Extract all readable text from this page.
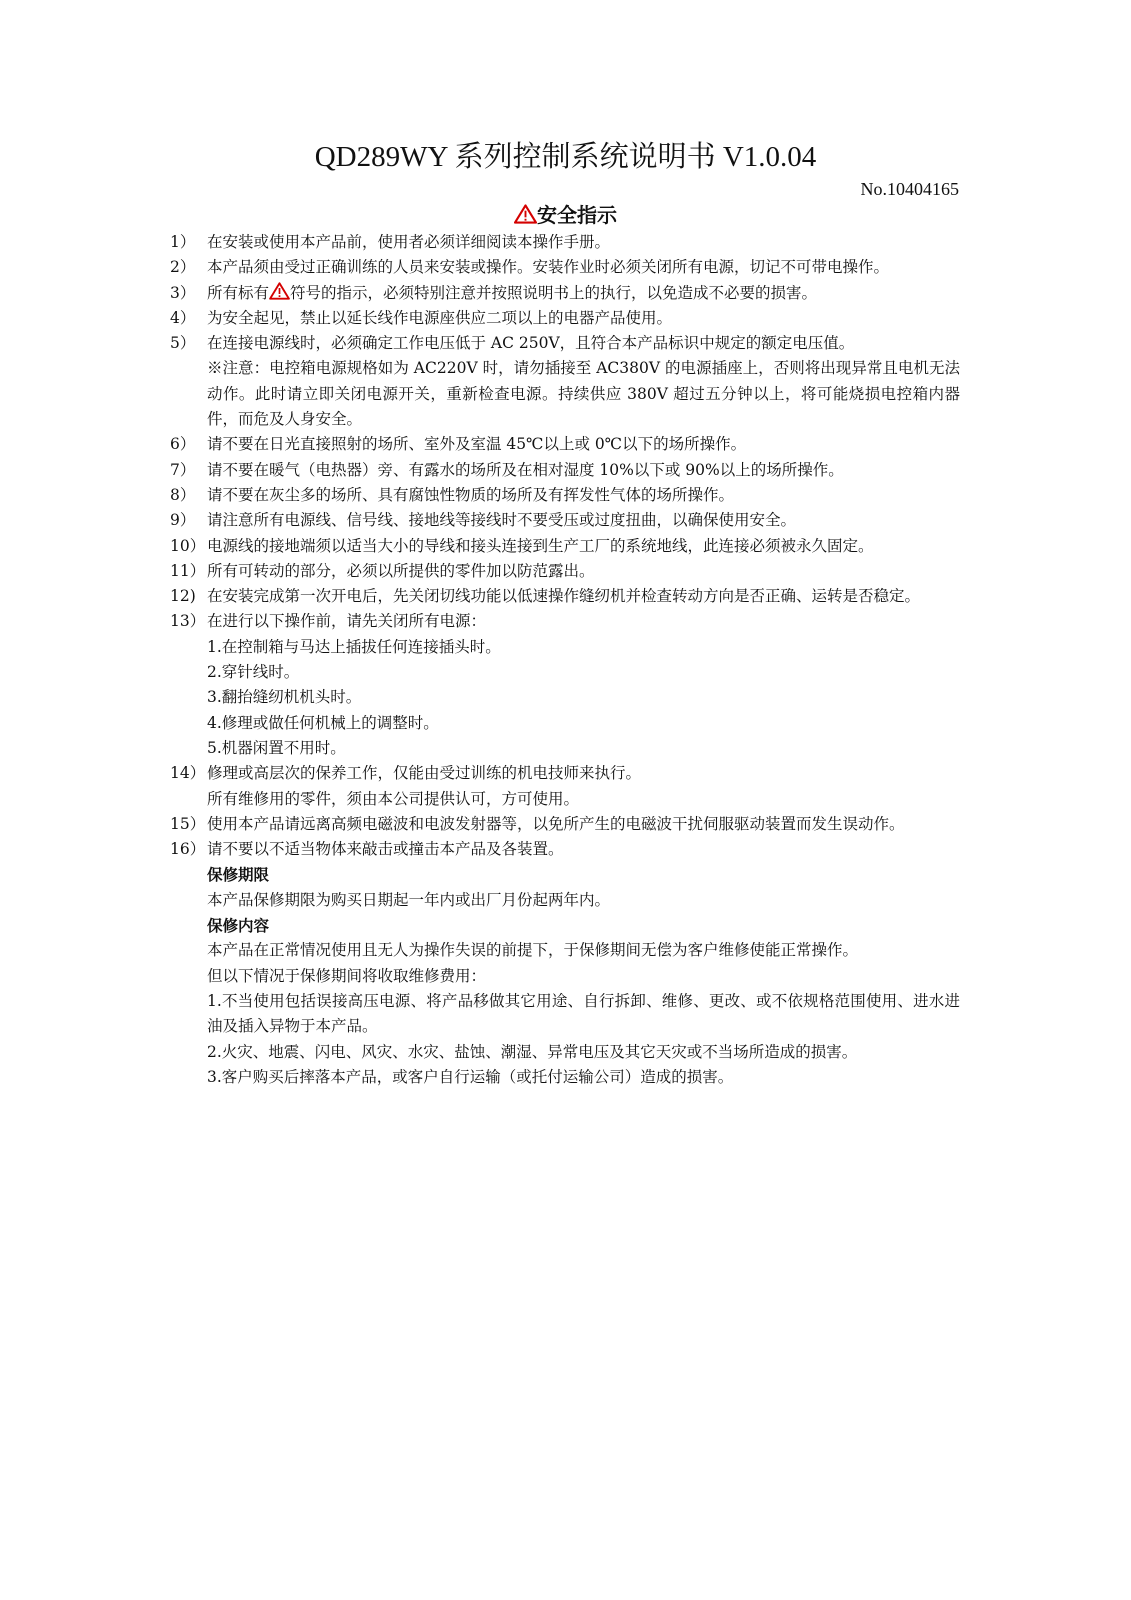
QD289WY 系列控制系统说明书 V1.0.04
No.10404165
安全指示
1） 在安装或使用本产品前，使用者必须详细阅读本操作手册。
2） 本产品须由受过正确训练的人员来安装或操作。安装作业时必须关闭所有电源，切记不可带电操作。
3） 所有标有 符号的指示，必须特别注意并按照说明书上的执行，以免造成不必要的损害。
4） 为安全起见，禁止以延长线作电源座供应二项以上的电器产品使用。
5） 在连接电源线时，必须确定工作电压低于 AC 250V，且符合本产品标识中规定的额定电压值。
※注意：电控箱电源规格如为 AC220V 时，请勿插接至 AC380V 的电源插座上，否则将出现异常且电机无法动作。此时请立即关闭电源开关，重新检查电源。持续供应 380V 超过五分钟以上，将可能烧损电控箱内器件，而危及人身安全。
6） 请不要在日光直接照射的场所、室外及室温 45℃以上或 0℃以下的场所操作。
7） 请不要在暖气（电热器）旁、有露水的场所及在相对湿度 10%以下或 90%以上的场所操作。
8） 请不要在灰尘多的场所、具有腐蚀性物质的场所及有挥发性气体的场所操作。
9） 请注意所有电源线、信号线、接地线等接线时不要受压或过度扭曲，以确保使用安全。
10） 电源线的接地端须以适当大小的导线和接头连接到生产工厂的系统地线，此连接必须被永久固定。
11） 所有可转动的部分，必须以所提供的零件加以防范露出。
12) 在安装完成第一次开电后，先关闭切线功能以低速操作缝纫机并检查转动方向是否正确、运转是否稳定。
13） 在进行以下操作前，请先关闭所有电源：
1.在控制箱与马达上插拔任何连接插头时。
2.穿针线时。
3.翻抬缝纫机机头时。
4.修理或做任何机械上的调整时。
5.机器闲置不用时。
14） 修理或高层次的保养工作，仅能由受过训练的机电技师来执行。
所有维修用的零件，须由本公司提供认可，方可使用。
15） 使用本产品请远离高频电磁波和电波发射器等，以免所产生的电磁波干扰伺服驱动装置而发生误动作。
16） 请不要以不适当物体来敲击或撞击本产品及各装置。
保修期限
本产品保修期限为购买日期起一年内或出厂月份起两年内。
保修内容
本产品在正常情况使用且无人为操作失误的前提下，于保修期间无偿为客户维修使能正常操作。
但以下情况于保修期间将收取维修费用：
1.不当使用包括误接高压电源、将产品移做其它用途、自行拆卸、维修、更改、或不依规格范围使用、进水进油及插入异物于本产品。
2.火灾、地震、闪电、风灾、水灾、盐蚀、潮湿、异常电压及其它天灾或不当场所造成的损害。
3.客户购买后摔落本产品，或客户自行运输（或托付运输公司）造成的损害。
